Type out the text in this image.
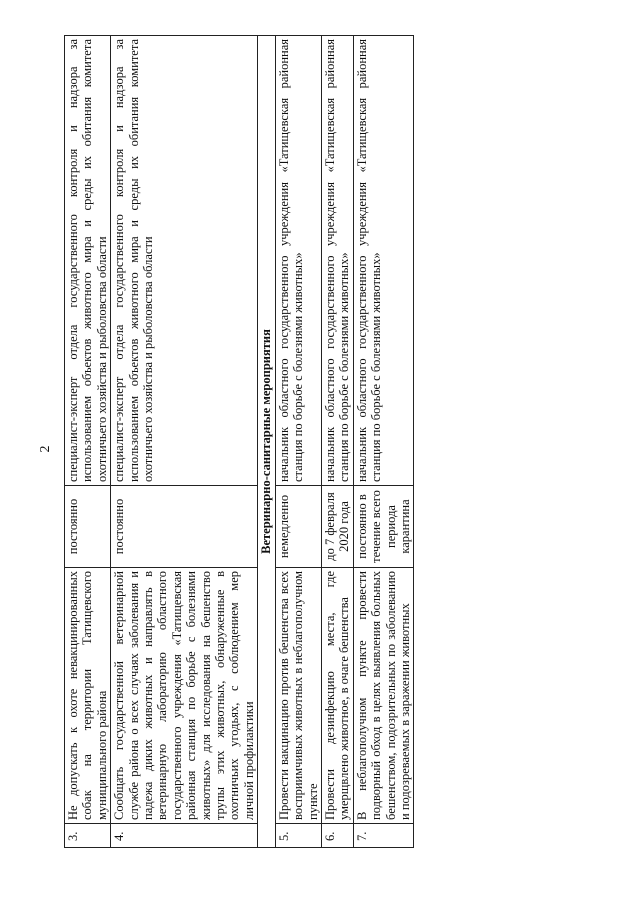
2
3.	Не допускать к охоте невакцинированных собак на территории Татищевского муниципального района	постоянно	специалист-эксперт отдела государственного контроля и надзора за использованием объектов животного мира и среды их обитания комитета охотничьего хозяйства и рыболовства области
4.	Сообщать государственной ветеринарной службе района о всех случаях заболевания и падежа диких животных и направлять в ветеринарную лабораторию областного государственного учреждения «Татищевская районная станция по борьбе с болезнями животных» для исследования на бешенство трупы этих животных, обнаруженные в охотничьих угодьях, с соблюдением мер личной профилактики	постоянно	специалист-эксперт отдела государственного контроля и надзора за использованием объектов животного мира и среды их обитания комитета охотничьего хозяйства и рыболовства области
Ветеринарно-санитарные мероприятия			
5.	Провести вакцинацию против бешенства всех восприимчивых животных в неблагополучном пункте	немедленно	начальник областного государственного учреждения «Татищевская районная станция по борьбе с болезнями животных»
6.	Провести дезинфекцию места, где умерщвлено животное, в очаге бешенства	до 7 февраля 2020 года	начальник областного государственного учреждения «Татищевская районная станция по борьбе с болезнями животных»
7.	В неблагополучном пункте провести подворный обход в целях выявления больных бешенством, подозрительных по заболеванию и подозреваемых в заражении животных	постоянно в течение всего периода карантина	начальник областного государственного учреждения «Татищевская районная станция по борьбе с болезнями животных»
